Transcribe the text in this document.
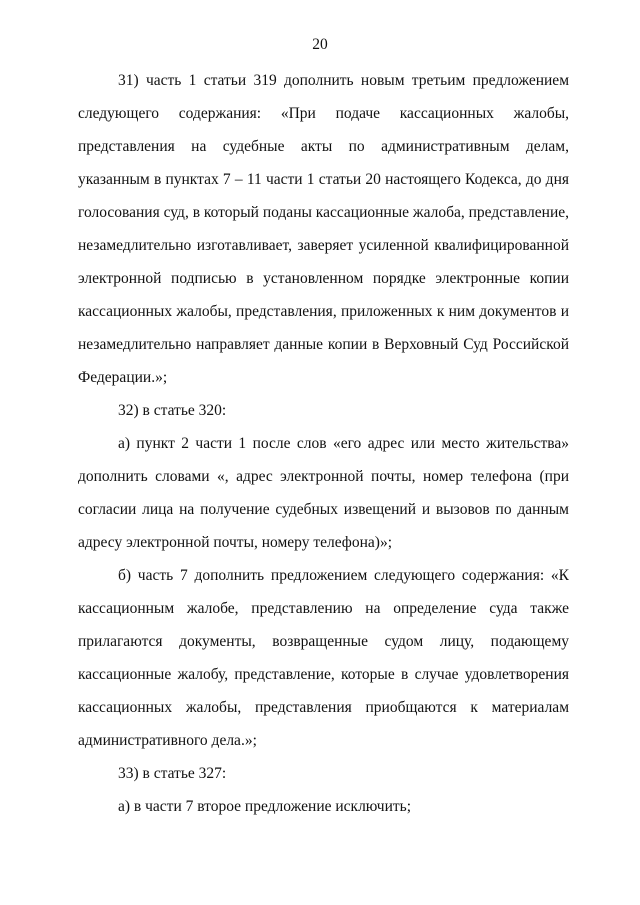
20

31) часть 1 статьи 319 дополнить новым третьим предложением следующего содержания: «При подаче кассационных жалобы, представления на судебные акты по административным делам, указанным в пунктах 7 – 11 части 1 статьи 20 настоящего Кодекса, до дня голосования суд, в который поданы кассационные жалоба, представление, незамедлительно изготавливает, заверяет усиленной квалифицированной электронной подписью в установленном порядке электронные копии кассационных жалобы, представления, приложенных к ним документов и незамедлительно направляет данные копии в Верховный Суд Российской Федерации.»;

32) в статье 320:

а) пункт 2 части 1 после слов «его адрес или место жительства» дополнить словами «, адрес электронной почты, номер телефона (при согласии лица на получение судебных извещений и вызовов по данным адресу электронной почты, номеру телефона)»;

б) часть 7 дополнить предложением следующего содержания: «К кассационным жалобе, представлению на определение суда также прилагаются документы, возвращенные судом лицу, подающему кассационные жалобу, представление, которые в случае удовлетворения кассационных жалобы, представления приобщаются к материалам административного дела.»;

33) в статье 327:

а) в части 7 второе предложение исключить;
